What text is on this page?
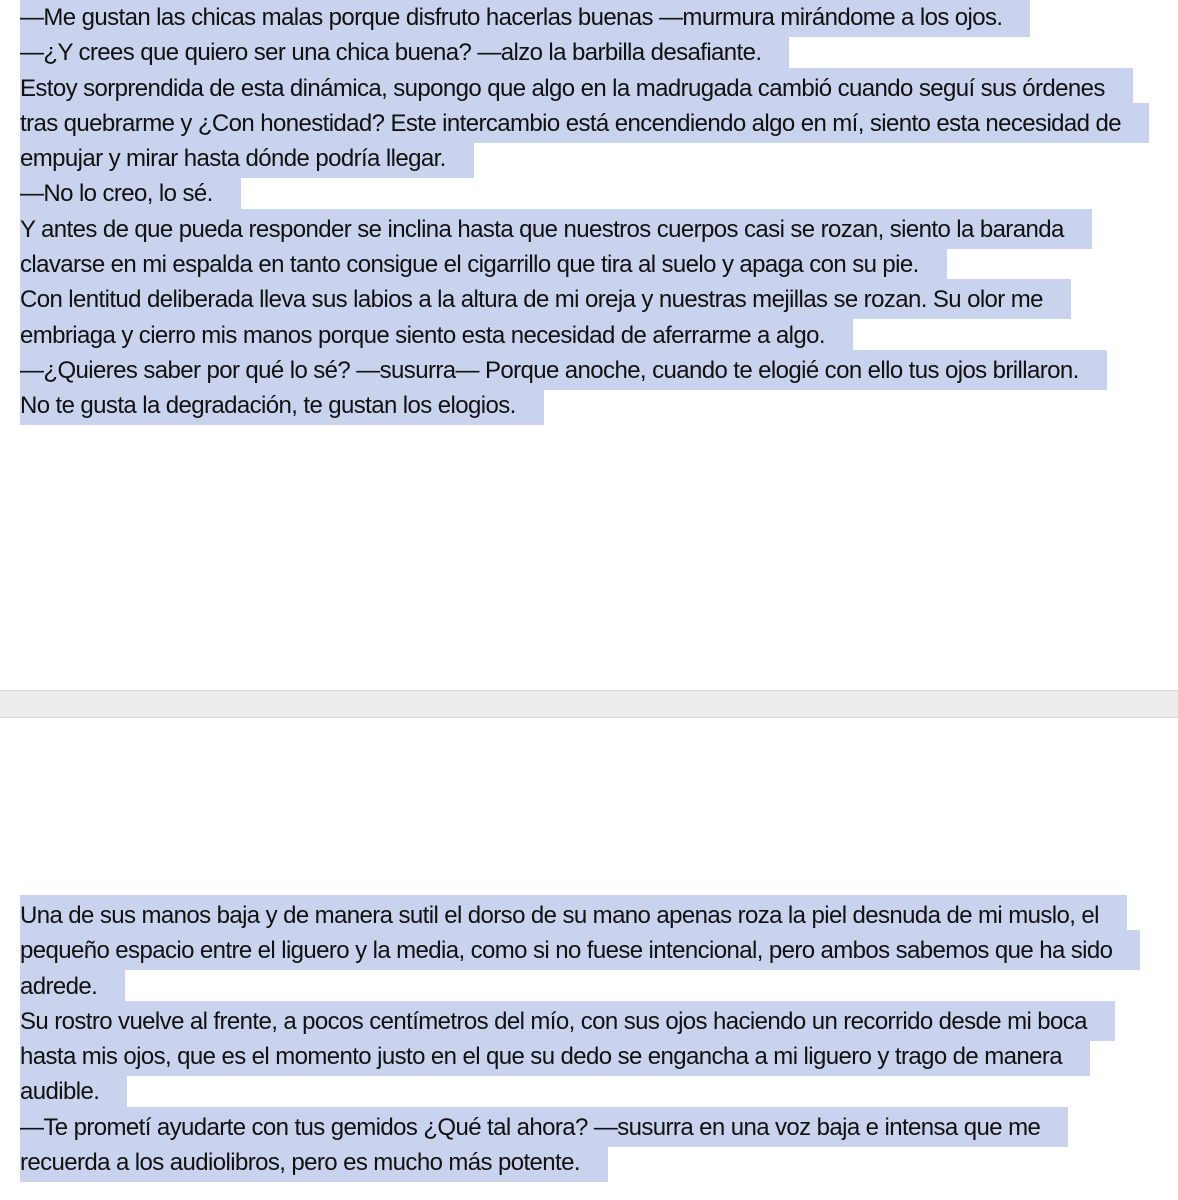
—Me gustan las chicas malas porque disfruto hacerlas buenas —murmura mirándome a los ojos.
—¿Y crees que quiero ser una chica buena? —alzo la barbilla desafiante.
Estoy sorprendida de esta dinámica, supongo que algo en la madrugada cambió cuando seguí sus órdenes
tras quebrarme y ¿Con honestidad? Este intercambio está encendiendo algo en mí, siento esta necesidad de
empujar y mirar hasta dónde podría llegar.
—No lo creo, lo sé.
Y antes de que pueda responder se inclina hasta que nuestros cuerpos casi se rozan, siento la baranda
clavarse en mi espalda en tanto consigue el cigarrillo que tira al suelo y apaga con su pie.
Con lentitud deliberada lleva sus labios a la altura de mi oreja y nuestras mejillas se rozan. Su olor me
embriaga y cierro mis manos porque siento esta necesidad de aferrarme a algo.
—¿Quieres saber por qué lo sé? —susurra— Porque anoche, cuando te elogié con ello tus ojos brillaron.
No te gusta la degradación, te gustan los elogios.
Una de sus manos baja y de manera sutil el dorso de su mano apenas roza la piel desnuda de mi muslo, el
pequeño espacio entre el liguero y la media, como si no fuese intencional, pero ambos sabemos que ha sido
adrede.
Su rostro vuelve al frente, a pocos centímetros del mío, con sus ojos haciendo un recorrido desde mi boca
hasta mis ojos, que es el momento justo en el que su dedo se engancha a mi liguero y trago de manera
audible.
—Te prometí ayudarte con tus gemidos ¿Qué tal ahora? —susurra en una voz baja e intensa que me
recuerda a los audiolibros, pero es mucho más potente.
